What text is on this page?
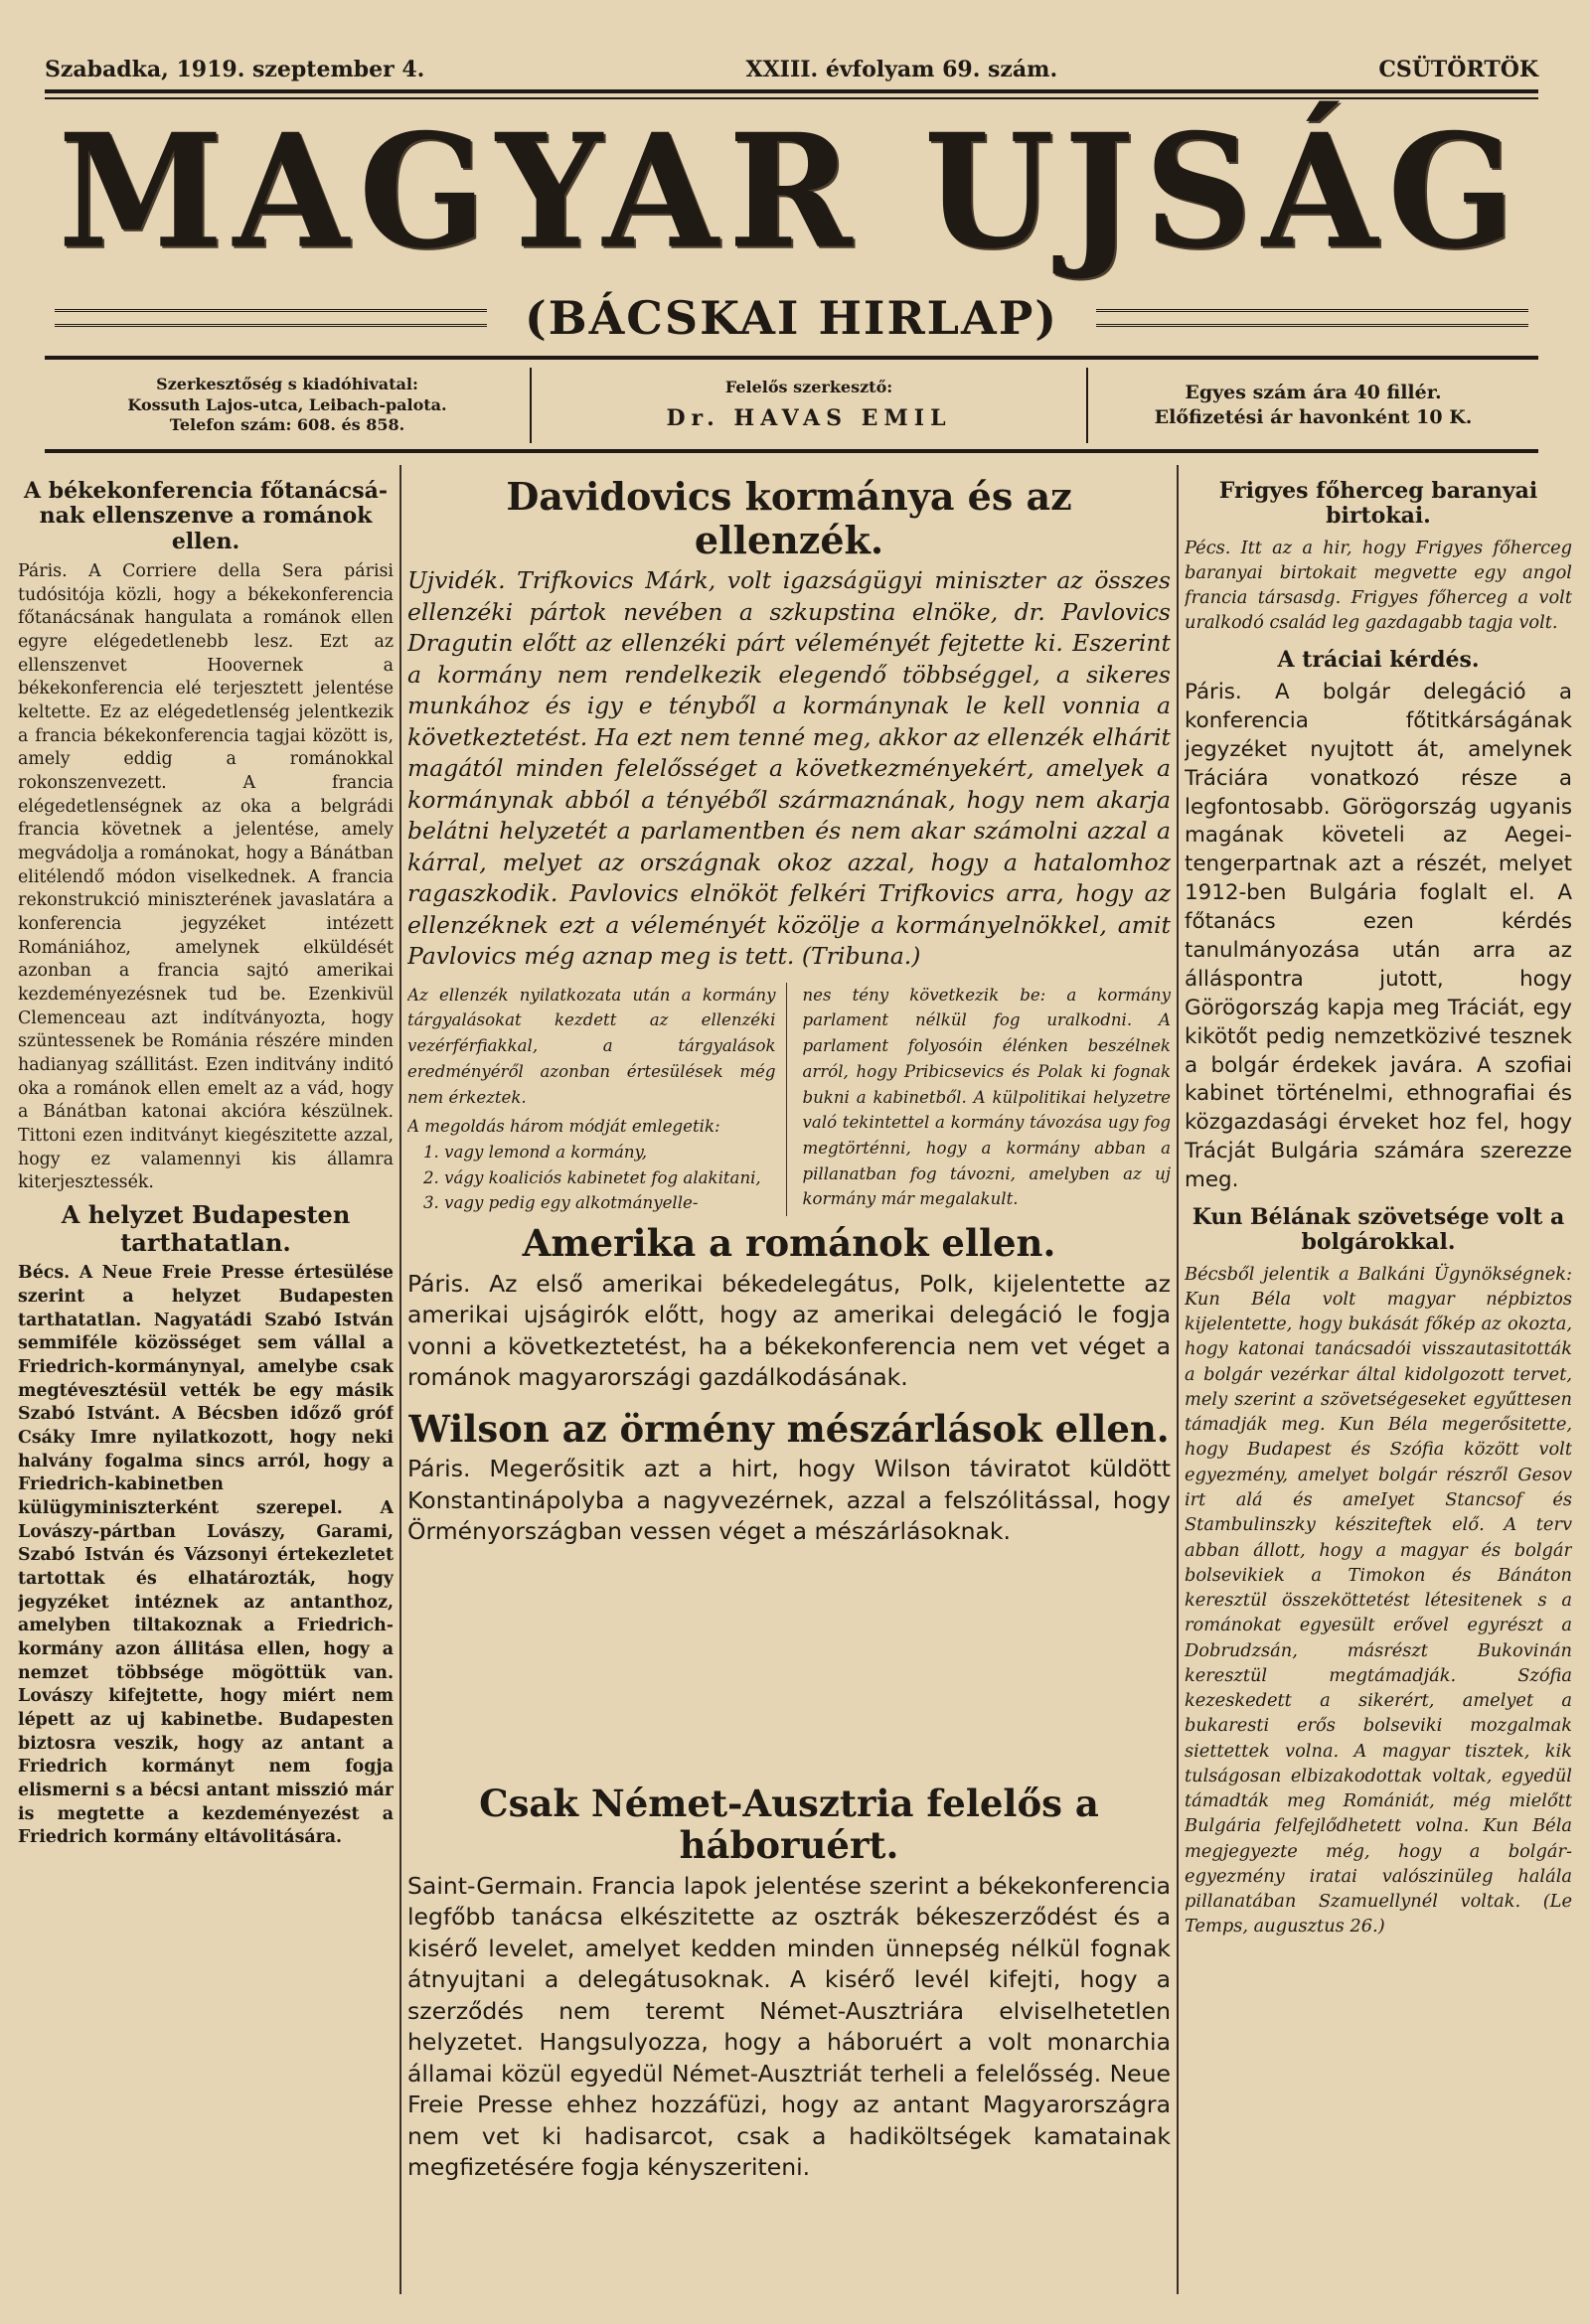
Szabadka, 1919. szeptember 4.	XXIII. évfolyam 69. szám.	CSÜTÖRTÖK
MAGYAR UJSÁG
(BÁCSKAI HIRLAP)
Szerkesztőség s kiadóhivatal:
Kossuth Lajos-utca, Leibach-palota.
Telefon szám: 608. és 858.
Felelős szerkesztő:
Dr. HAVAS EMIL
Egyes szám ára 40 fillér.
Előfizetési ár havonként 10 K.
A békekonferencia főtanácsá-nak ellenszenve a románok ellen.

Páris. A Corriere della Sera párisi tudósitója közli, hogy a békekonferencia főtanácsának hangulata a románok ellen egyre elégedetlenebb lesz. Ezt az ellenszenvet Hoovernek a békekonferencia elé terjesztett jelentése keltette. Ez az elégedetlenség jelentkezik a francia békekonferencia tagjai között is, amely eddig a románokkal rokonszenvezett. A francia elégedetlenségnek az oka a belgrádi francia követnek a jelentése, amely megvádolja a románokat, hogy a Bánátban elitélendő módon viselkednek. A francia rekonstrukció miniszterének javaslatára a konferencia jegyzéket intézett Romániához, amelynek elküldését azonban a francia sajtó amerikai kezdeményezésnek tud be. Ezenkivül Clemenceau azt indítványozta, hogy szüntessenek be Románia részére minden hadianyag szállitást. Ezen inditvány inditó oka a románok ellen emelt az a vád, hogy a Bánátban katonai akcióra készülnek. Tittoni ezen inditványt kiegészitette azzal, hogy ez valamennyi kis államra kiterjesztessék.

A helyzet Budapesten tarthatatlan.

Bécs. A Neue Freie Presse értesülése szerint a helyzet Budapesten tarthatatlan. Nagyatádi Szabó István semmiféle közösséget sem vállal a Friedrich-kormánynyal, amelybe csak megtévesztésül vették be egy másik Szabó Istvánt. A Bécsben időző gróf Csáky Imre nyilatkozott, hogy neki halvány fogalma sincs arról, hogy a Friedrich-kabinetben külügyminiszterként szerepel. A Lovászy-pártban Lovászy, Garami, Szabó István és Vázsonyi értekezletet tartottak és elhatározták, hogy jegyzéket intéznek az antanthoz, amelyben tiltakoznak a Friedrich-kormány azon állitása ellen, hogy a nemzet többsége mögöttük van. Lovászy kifejtette, hogy miért nem lépett az uj kabinetbe. Budapesten biztosra veszik, hogy az antant a Friedrich kormányt nem fogja elismerni s a bécsi antant misszió már is megtette a kezdeményezést a Friedrich kormány eltávolitására.

Davidovics kormánya és az ellenzék.

Ujvidék. Trifkovics Márk, volt igazságügyi miniszter az összes ellenzéki pártok nevében a szkupstina elnöke, dr. Pavlovics Dragutin előtt az ellenzéki párt véleményét fejtette ki. Eszerint a kormány nem rendelkezik elegendő többséggel, a sikeres munkához és igy e tényből a kormánynak le kell vonnia a következtetést. Ha ezt nem tenné meg, akkor az ellenzék elhárit magától minden felelősséget a következményekért, amelyek a kormánynak abból a tényéből származnának, hogy nem akarja belátni helyzetét a parlamentben és nem akar számolni azzal a kárral, melyet az országnak okoz azzal, hogy a hatalomhoz ragaszkodik. Pavlovics elnököt felkéri Trifkovics arra, hogy az ellenzéknek ezt a véleményét közölje a kormányelnökkel, amit Pavlovics még aznap meg is tett. (Tribuna.)

Az ellenzék nyilatkozata után a kormány tárgyalásokat kezdett az ellenzéki vezérférfiakkal, a tárgyalások eredményéről azonban értesülések még nem érkeztek.

A megoldás három módját emlegetik:

1. vagy lemond a kormány,
2. vágy koaliciós kabinetet fog alakitani,
3. vagy pedig egy alkotmányelle-

nes tény következik be: a kormány parlament nélkül fog uralkodni. A parlament folyosóin élénken beszélnek arról, hogy Pribicsevics és Polak ki fognak bukni a kabinetből. A külpolitikai helyzetre való tekintettel a kormány távozása ugy fog megtörténni, hogy a kormány abban a pillanatban fog távozni, amelyben az uj kormány már megalakult.

Amerika a románok ellen.

Páris. Az első amerikai békedelegátus, Polk, kijelentette az amerikai ujságirók előtt, hogy az amerikai delegáció le fogja vonni a következtetést, ha a békekonferencia nem vet véget a románok magyarországi gazdálkodásának.

Wilson az örmény mészárlások ellen.

Páris. Megerősitik azt a hirt, hogy Wilson táviratot küldött Konstantinápolyba a nagyvezérnek, azzal a felszólitással, hogy Örményországban vessen véget a mészárlásoknak.

Csak Német-Ausztria felelős a háboruért.

Saint-Germain. Francia lapok jelentése szerint a békekonferencia legfőbb tanácsa elkészitette az osztrák békeszerződést és a kisérő levelet, amelyet kedden minden ünnepség nélkül fognak átnyujtani a delegátusoknak. A kisérő levél kifejti, hogy a szerződés nem teremt Német-Ausztriára elviselhetetlen helyzetet. Hangsulyozza, hogy a háboruért a volt monarchia államai közül egyedül Német-Ausztriát terheli a felelősség. Neue Freie Presse ehhez hozzáfüzi, hogy az antant Magyarországra nem vet ki hadisarcot, csak a hadiköltségek kamatainak megfizetésére fogja kényszeriteni.

Frigyes főherceg baranyai birtokai.

Pécs. Itt az a hir, hogy Frigyes főherceg baranyai birtokait megvette egy angol francia társasdg. Frigyes főherceg a volt uralkodó család leg gazdagabb tagja volt.

A tráciai kérdés.

Páris. A bolgár delegáció a konferencia főtitkárságának jegyzéket nyujtott át, amelynek Tráciára vonatkozó része a legfontosabb. Görögország ugyanis magának követeli az Aegei-tengerpartnak azt a részét, melyet 1912-ben Bulgária foglalt el. A főtanács ezen kérdés tanulmányozása után arra az álláspontra jutott, hogy Görögország kapja meg Tráciát, egy kikötőt pedig nemzetközivé tesznek a bolgár érdekek javára. A szofiai kabinet történelmi, ethnografiai és közgazdasági érveket hoz fel, hogy Trácját Bulgária számára szerezze meg.

Kun Bélának szövetsége volt a bolgárokkal.

Bécsből jelentik a Balkáni Ügynökségnek: Kun Béla volt magyar népbiztos kijelentette, hogy bukását főkép az okozta, hogy katonai tanácsadói visszautasitották a bolgár vezérkar által kidolgozott tervet, mely szerint a szövetségeseket egyűttesen támadják meg. Kun Béla megerősitette, hogy Budapest és Szófia között volt egyezmény, amelyet bolgár részről Gesov irt alá és ameIyet Stancsof és Stambulinszky késziteftek elő. A terv abban állott, hogy a magyar és bolgár bolsevikiek a Timokon és Bánáton keresztül összeköttetést létesitenek s a románokat egyesült erővel egyrészt a Dobrudzsán, másrészt Bukovinán keresztül megtámadják. Szófia kezeskedett a sikerért, amelyet a bukaresti erős bolseviki mozgalmak siettettek volna. A magyar tisztek, kik tulságosan elbizakodottak voltak, egyedül támadták meg Romániát, még mielőtt Bulgária felfejlődhetett volna. Kun Béla megjegyezte még, hogy a bolgár-egyezmény iratai valószinüleg halála pillanatában Szamuellynél voltak. (Le Temps, augusztus 26.)
